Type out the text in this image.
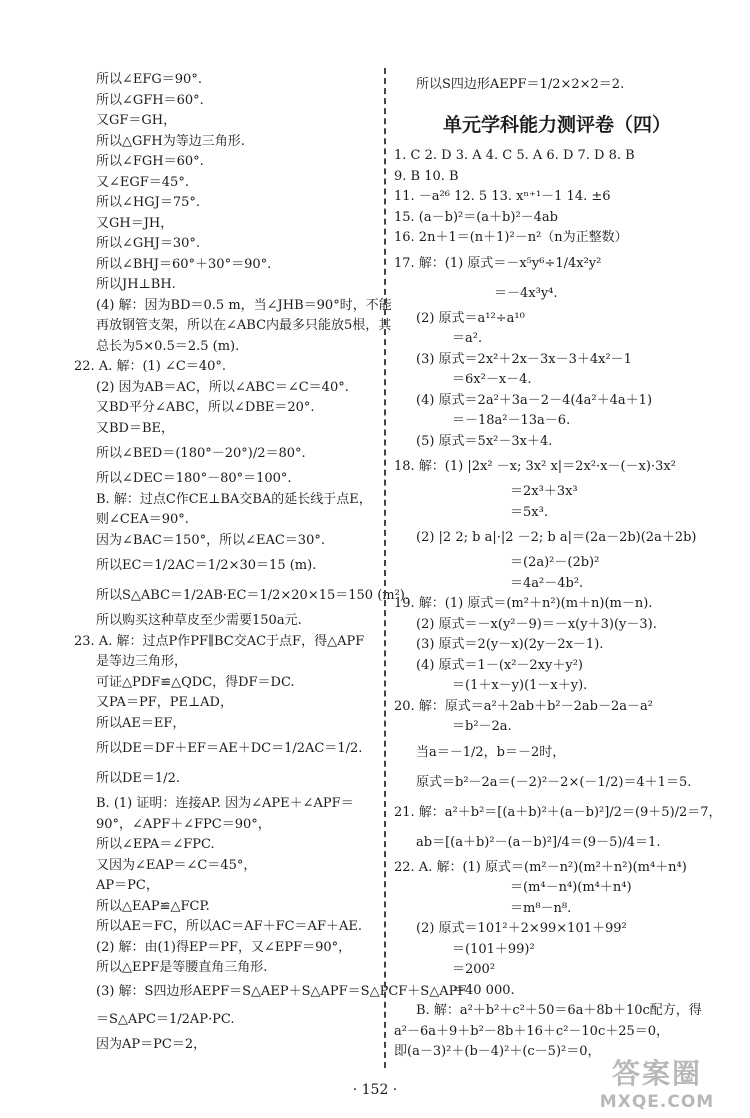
所以∠EFG＝90°.
所以∠GFH＝60°.
又GF＝GH，
所以△GFH为等边三角形.
所以∠FGH＝60°.
又∠EGF＝45°.
所以∠HGJ＝75°.
又GH＝JH，
所以∠GHJ＝30°.
所以∠BHJ＝60°＋30°＝90°.
所以JH⊥BH.
(4) 解：因为BD＝0.5 m，当∠JHB＝90°时，不能
再放钢管支架，所以在∠ABC内最多只能放5根，其
总长为5×0.5＝2.5 (m).
22. A. 解：(1) ∠C＝40°.
(2) 因为AB＝AC，所以∠ABC＝∠C＝40°.
又BD平分∠ABC，所以∠DBE＝20°.
又BD＝BE，
所以∠BED＝(180°－20°)/2＝80°.
所以∠DEC＝180°－80°＝100°.
B. 解：过点C作CE⊥BA交BA的延长线于点E，
则∠CEA＝90°.
因为∠BAC＝150°，所以∠EAC＝30°.
所以EC＝1/2AC＝1/2×30＝15 (m).
所以S△ABC＝1/2AB·EC＝1/2×20×15＝150 (m²).
所以购买这种草皮至少需要150a元.
23. A. 解：过点P作PF∥BC交AC于点F，得△APF
是等边三角形，
可证△PDF≌△QDC，得DF＝DC.
又PA＝PF，PE⊥AD，
所以AE＝EF，
所以DE＝DF＋EF＝AE＋DC＝1/2AC＝1/2.
所以DE＝1/2.
B. (1) 证明：连接AP. 因为∠APE＋∠APF＝
90°，∠APF＋∠FPC＝90°，
所以∠EPA＝∠FPC.
又因为∠EAP＝∠C＝45°，
AP＝PC，
所以△EAP≌△FCP.
所以AE＝FC，所以AC＝AF＋FC＝AF＋AE.
(2) 解：由(1)得EP＝PF，又∠EPF＝90°，
所以△EPF是等腰直角三角形.
(3) 解：S四边形AEPF＝S△AEP＋S△APF＝S△PCF＋S△APF
＝S△APC＝1/2AP·PC.
因为AP＝PC＝2，
所以S四边形AEPF＝1/2×2×2＝2.
单元学科能力测评卷（四）
1. C 2. D 3. A 4. C 5. A 6. D 7. D 8. B
9. B 10. B
11. －a²⁶ 12. 5 13. xⁿ⁺¹－1 14. ±6
15. (a－b)²＝(a＋b)²－4ab
16. 2n＋1＝(n＋1)²－n²（n为正整数）
17. 解：(1) 原式＝－x⁵y⁶÷1/4x²y²
＝－4x³y⁴.
(2) 原式＝a¹²÷a¹⁰
＝a².
(3) 原式＝2x²＋2x－3x－3＋4x²－1
＝6x²－x－4.
(4) 原式＝2a²＋3a－2－4(4a²＋4a＋1)
＝－18a²－13a－6.
(5) 原式＝5x²－3x＋4.
18. 解：(1) |2x² －x; 3x² x|＝2x²·x－(－x)·3x²
＝2x³＋3x³
＝5x³.
(2) |2 2; b a|·|2 －2; b a|＝(2a－2b)(2a＋2b)
＝(2a)²－(2b)²
＝4a²－4b².
19. 解：(1) 原式＝(m²＋n²)(m＋n)(m－n).
(2) 原式＝－x(y²－9)＝－x(y＋3)(y－3).
(3) 原式＝2(y－x)(2y－2x－1).
(4) 原式＝1－(x²－2xy＋y²)
＝(1＋x－y)(1－x＋y).
20. 解：原式＝a²＋2ab＋b²－2ab－2a－a²
＝b²－2a.
当a＝－1/2，b＝－2时，
原式＝b²－2a＝(－2)²－2×(－1/2)＝4＋1＝5.
21. 解：a²＋b²＝[(a＋b)²＋(a－b)²]/2＝(9＋5)/2＝7，
ab＝[(a＋b)²－(a－b)²]/4＝(9－5)/4＝1.
22. A. 解：(1) 原式＝(m²－n²)(m²＋n²)(m⁴＋n⁴)
＝(m⁴－n⁴)(m⁴＋n⁴)
＝m⁸－n⁸.
(2) 原式＝101²＋2×99×101＋99²
＝(101＋99)²
＝200²
＝40 000.
B. 解：a²＋b²＋c²＋50＝6a＋8b＋10c配方，得
a²－6a＋9＋b²－8b＋16＋c²－10c＋25＝0，
即(a－3)²＋(b－4)²＋(c－5)²＝0，
· 152 ·	答案圈
MXQE.COM
